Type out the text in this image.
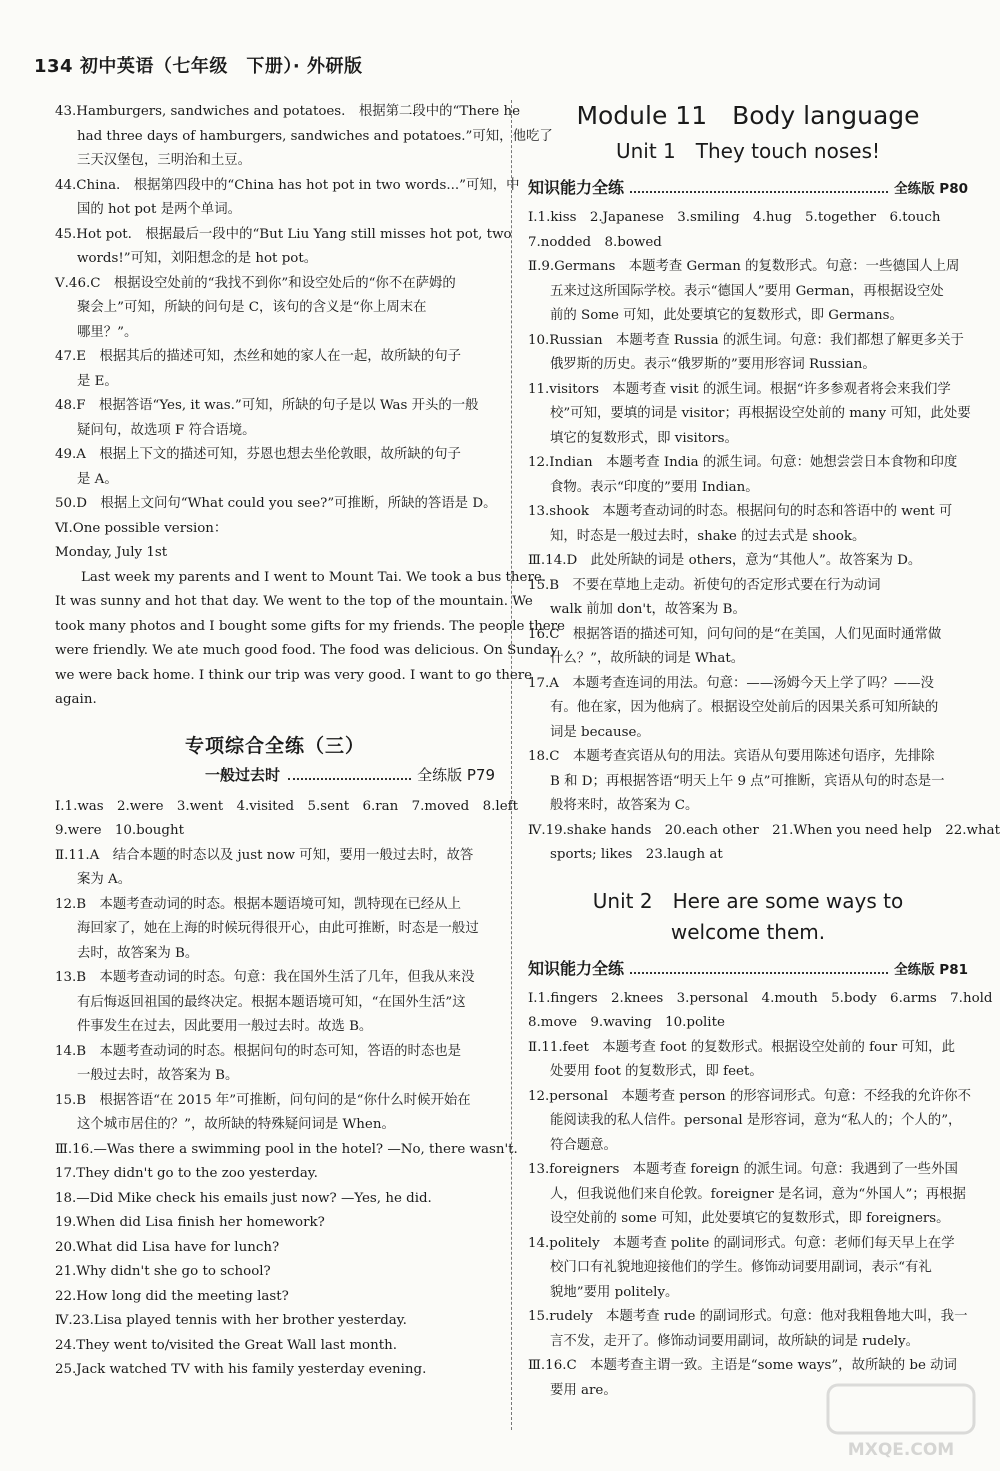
134 初中英语（七年级　下册）· 外研版
43.Hamburgers, sandwiches and potatoes.　根据第二段中的“There he
had three days of hamburgers, sandwiches and potatoes.”可知，他吃了
三天汉堡包，三明治和土豆。
44.China.　根据第四段中的“China has hot pot in two words...”可知，中
国的 hot pot 是两个单词。
45.Hot pot.　根据最后一段中的“But Liu Yang still misses hot pot, two
words!”可知，刘阳想念的是 hot pot。
Ⅴ.46.C　根据设空处前的“我找不到你”和设空处后的“你不在萨姆的
聚会上”可知，所缺的问句是 C，该句的含义是“你上周末在
哪里？”。
47.E　根据其后的描述可知，杰丝和她的家人在一起，故所缺的句子
是 E。
48.F　根据答语“Yes, it was.”可知，所缺的句子是以 Was 开头的一般
疑问句，故选项 F 符合语境。
49.A　根据上下文的描述可知，芬恩也想去坐伦敦眼，故所缺的句子
是 A。
50.D　根据上文问句“What could you see?”可推断，所缺的答语是 D。
Ⅵ.One possible version：
Monday, July 1st
Last week my parents and I went to Mount Tai. We took a bus there.
It was sunny and hot that day. We went to the top of the mountain. We
took many photos and I bought some gifts for my friends. The people there
were friendly. We ate much good food. The food was delicious. On Sunday
we were back home. I think our trip was very good. I want to go there
again.
专项综合全练（三）
一般过去时	全练版 P79
Ⅰ.1.was　2.were　3.went　4.visited　5.sent　6.ran　7.moved　8.left
9.were　10.bought
Ⅱ.11.A　结合本题的时态以及 just now 可知，要用一般过去时，故答
案为 A。
12.B　本题考查动词的时态。根据本题语境可知，凯特现在已经从上
海回家了，她在上海的时候玩得很开心，由此可推断，时态是一般过
去时，故答案为 B。
13.B　本题考查动词的时态。句意：我在国外生活了几年，但我从来没
有后悔返回祖国的最终决定。根据本题语境可知，“在国外生活”这
件事发生在过去，因此要用一般过去时。故选 B。
14.B　本题考查动词的时态。根据问句的时态可知，答语的时态也是
一般过去时，故答案为 B。
15.B　根据答语“在 2015 年”可推断，问句问的是“你什么时候开始在
这个城市居住的？”，故所缺的特殊疑问词是 When。
Ⅲ.16.—Was there a swimming pool in the hotel? —No, there wasn't.
17.They didn't go to the zoo yesterday.
18.—Did Mike check his emails just now? —Yes, he did.
19.When did Lisa finish her homework?
20.What did Lisa have for lunch?
21.Why didn't she go to school?
22.How long did the meeting last?
Ⅳ.23.Lisa played tennis with her brother yesterday.
24.They went to/visited the Great Wall last month.
25.Jack watched TV with his family yesterday evening.
Module 11　Body language
Unit 1　They touch noses!
知识能力全练	全练版 P80
Ⅰ.1.kiss　2.Japanese　3.smiling　4.hug　5.together　6.touch
7.nodded　8.bowed
Ⅱ.9.Germans　本题考查 German 的复数形式。句意：一些德国人上周
五来过这所国际学校。表示“德国人”要用 German，再根据设空处
前的 Some 可知，此处要填它的复数形式，即 Germans。
10.Russian　本题考查 Russia 的派生词。句意：我们都想了解更多关于
俄罗斯的历史。表示“俄罗斯的”要用形容词 Russian。
11.visitors　本题考查 visit 的派生词。根据“许多参观者将会来我们学
校”可知，要填的词是 visitor；再根据设空处前的 many 可知，此处要
填它的复数形式，即 visitors。
12.Indian　本题考查 India 的派生词。句意：她想尝尝日本食物和印度
食物。表示“印度的”要用 Indian。
13.shook　本题考查动词的时态。根据问句的时态和答语中的 went 可
知，时态是一般过去时，shake 的过去式是 shook。
Ⅲ.14.D　此处所缺的词是 others，意为“其他人”。故答案为 D。
15.B　不要在草地上走动。祈使句的否定形式要在行为动词
walk 前加 don't，故答案为 B。
16.C　根据答语的描述可知，问句问的是“在美国，人们见面时通常做
什么？”，故所缺的词是 What。
17.A　本题考查连词的用法。句意：——汤姆今天上学了吗？——没
有。他在家，因为他病了。根据设空处前后的因果关系可知所缺的
词是 because。
18.C　本题考查宾语从句的用法。宾语从句要用陈述句语序，先排除
B 和 D；再根据答语“明天上午 9 点”可推断，宾语从句的时态是一
般将来时，故答案为 C。
Ⅳ.19.shake hands　20.each other　21.When you need help　22.what
sports; likes　23.laugh at
Unit 2　Here are some ways to
welcome them.
知识能力全练	全练版 P81
Ⅰ.1.fingers　2.knees　3.personal　4.mouth　5.body　6.arms　7.hold
8.move　9.waving　10.polite
Ⅱ.11.feet　本题考查 foot 的复数形式。根据设空处前的 four 可知，此
处要用 foot 的复数形式，即 feet。
12.personal　本题考查 person 的形容词形式。句意：不经我的允许你不
能阅读我的私人信件。personal 是形容词，意为“私人的；个人的”，
符合题意。
13.foreigners　本题考查 foreign 的派生词。句意：我遇到了一些外国
人，但我说他们来自伦敦。foreigner 是名词，意为“外国人”；再根据
设空处前的 some 可知，此处要填它的复数形式，即 foreigners。
14.politely　本题考查 polite 的副词形式。句意：老师们每天早上在学
校门口有礼貌地迎接他们的学生。修饰动词要用副词，表示“有礼
貌地”要用 politely。
15.rudely　本题考查 rude 的副词形式。句意：他对我粗鲁地大叫，我一
言不发，走开了。修饰动词要用副词，故所缺的词是 rudely。
Ⅲ.16.C　本题考查主谓一致。主语是“some ways”，故所缺的 be 动词
要用 are。
MXQE.COM
